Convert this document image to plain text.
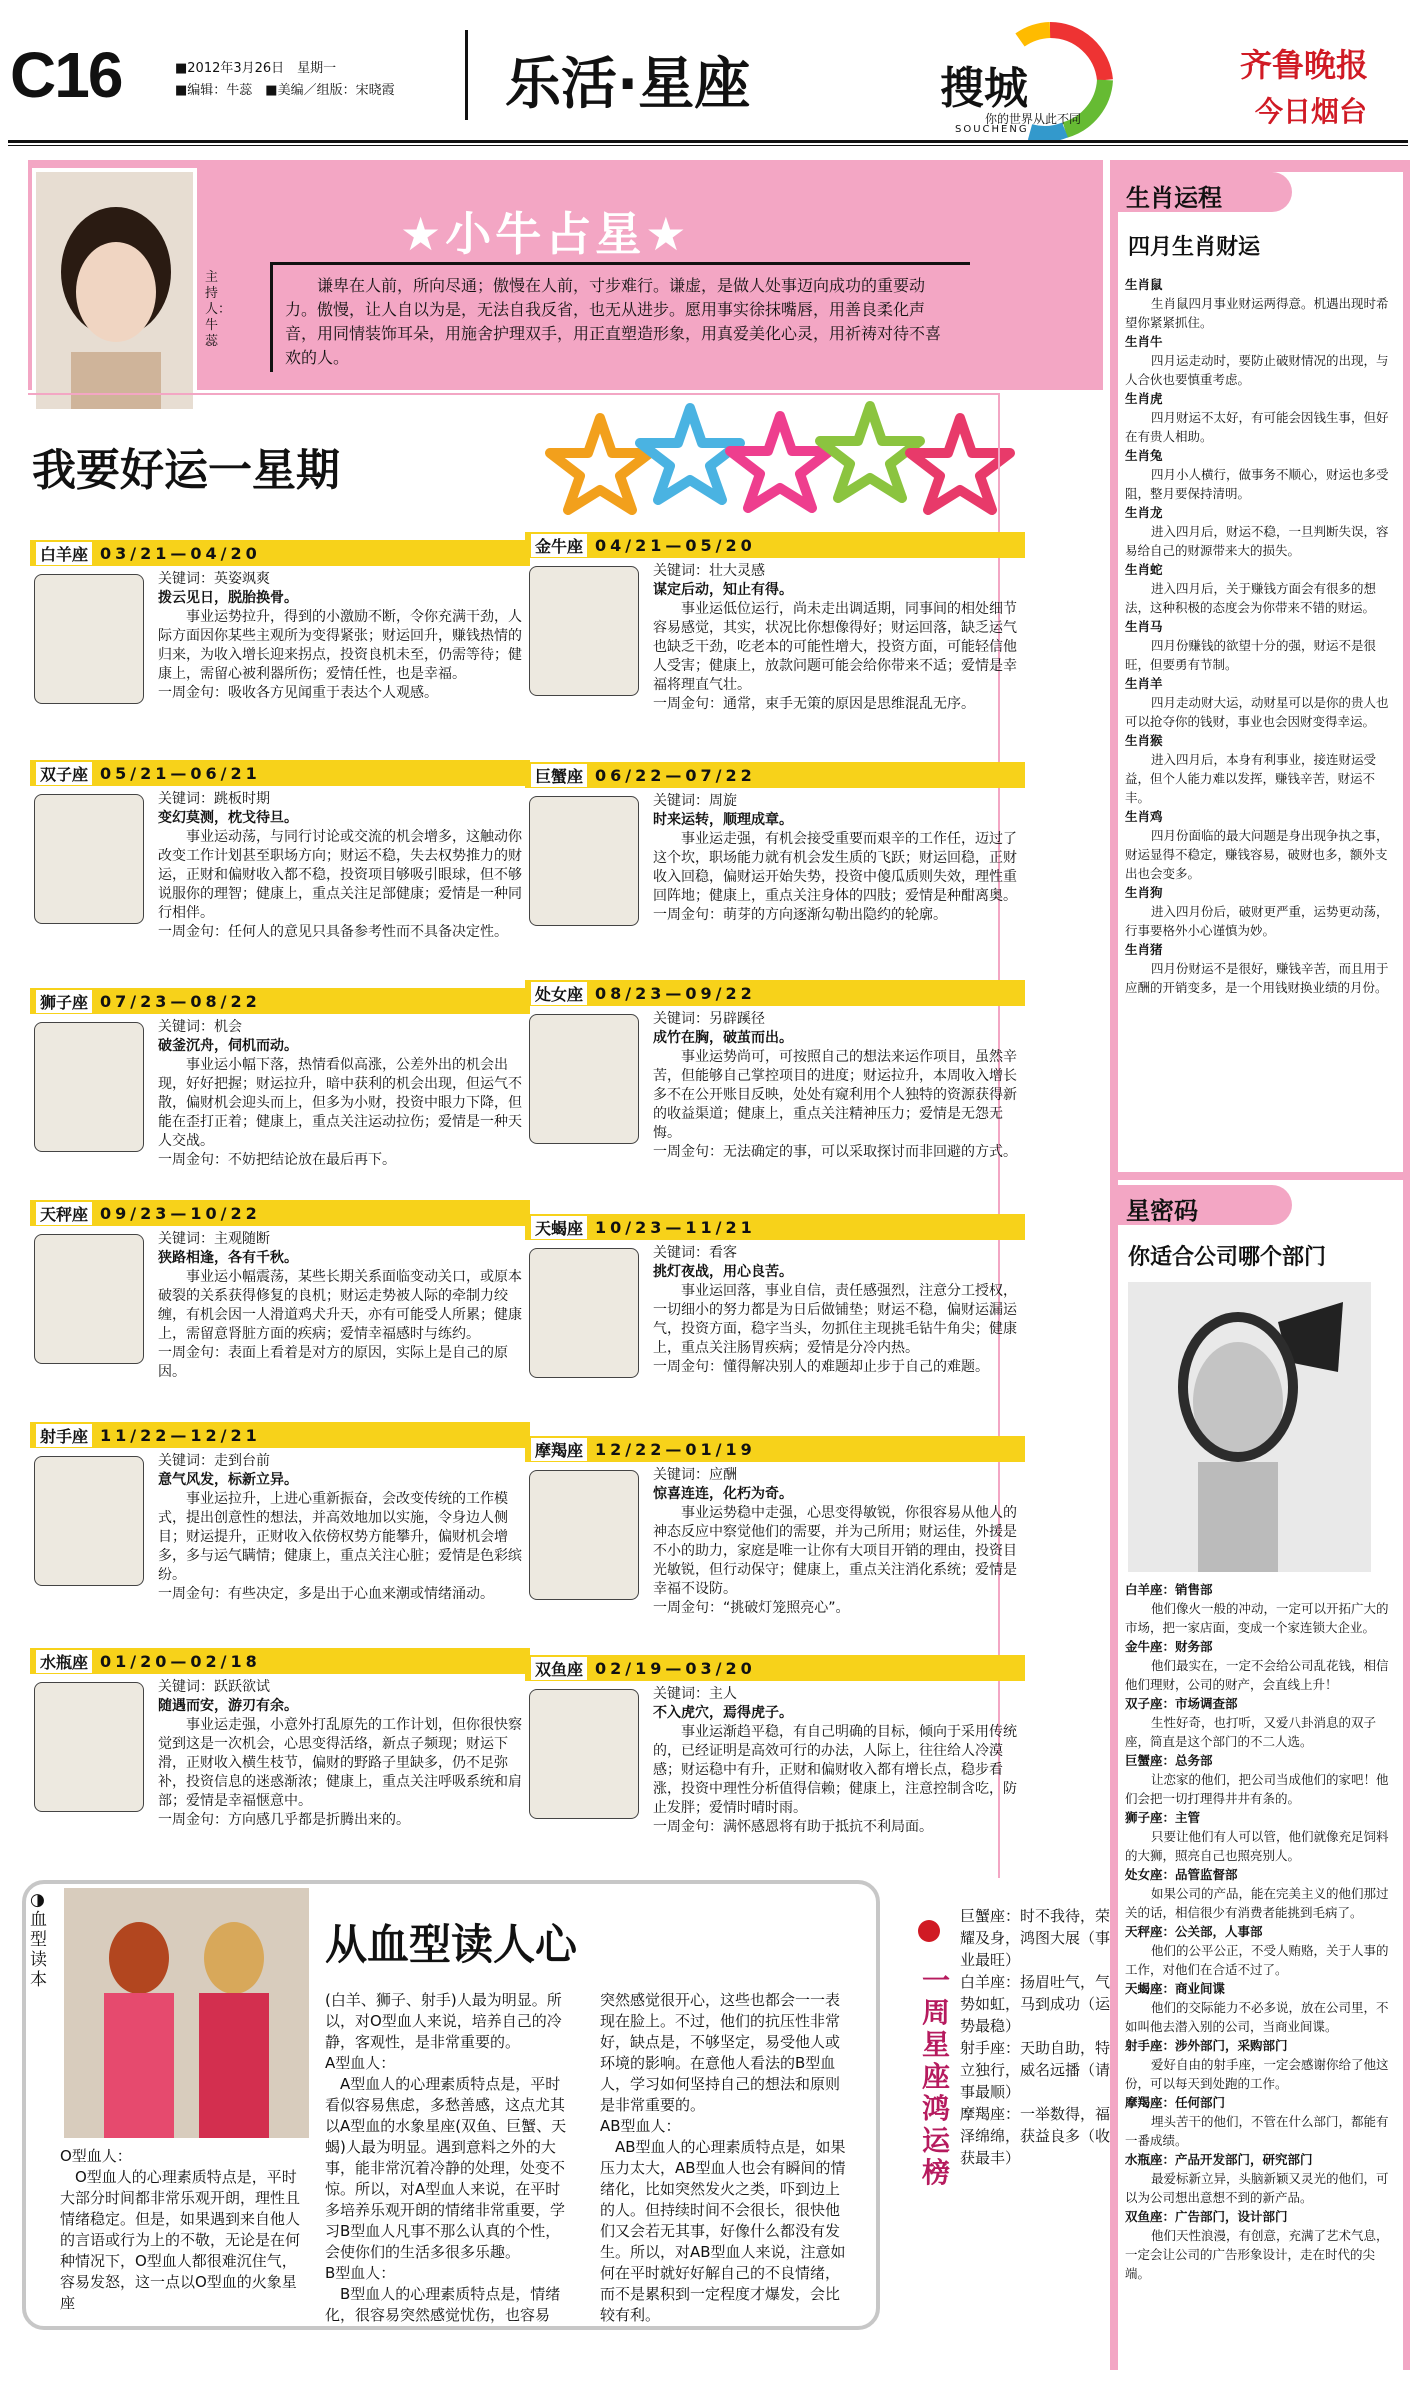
C16	■2012年3月26日　星期一
■编辑：牛蕊　■美编／组版：宋晓霞 乐活·星座	搜城
你的世界从此不同
SOUCHENG
齐鲁晚报
今日烟台
主持人：牛蕊
★小牛占星★
谦卑在人前，所向尽通；傲慢在人前，寸步难行。谦虚，是做人处事迈向成功的重要动力。傲慢，让人自以为是，无法自我反省，也无从进步。愿用事实徐抹嘴唇，用善良柔化声音，用同情装饰耳朵，用施舍护理双手，用正直塑造形象，用真爱美化心灵，用祈祷对待不喜欢的人。
我要好运一星期
白羊座 03/21—04/20

关键词：英姿飒爽

拨云见日，脱胎换骨。

事业运势拉升，得到的小激励不断，令你充满干劲，人际方面因你某些主观所为变得紧张；财运回升，赚钱热情的归来，为收入增长迎来拐点，投资良机未至，仍需等待；健康上，需留心被利器所伤；爱情任性，也是幸福。

一周金句：吸收各方见闻重于表达个人观感。

双子座 05/21—06/21

关键词：跳板时期

变幻莫测，枕戈待旦。

事业运动荡，与同行讨论或交流的机会增多，这触动你改变工作计划甚至职场方向；财运不稳，失去权势推力的财运，正财和偏财收入都不稳，投资项目够吸引眼球，但不够说服你的理智；健康上，重点关注足部健康；爱情是一种同行相伴。

一周金句：任何人的意见只具备参考性而不具备决定性。

狮子座 07/23—08/22

关键词：机会

破釜沉舟，伺机而动。

事业运小幅下落，热情看似高涨，公差外出的机会出现，好好把握；财运拉升，暗中获利的机会出现，但运气不散，偏财机会迎头而上，但多为小财，投资中眼力下降，但能在歪打正着；健康上，重点关注运动拉伤；爱情是一种天人交战。

一周金句：不妨把结论放在最后再下。

天秤座 09/23—10/22

关键词：主观随断

狭路相逢，各有千秋。

事业运小幅震荡，某些长期关系面临变动关口，或原本破裂的关系获得修复的良机；财运走势被人际的牵制力绞缠，有机会因一人滑道鸡犬升天，亦有可能受人所累；健康上，需留意肾脏方面的疾病；爱情幸福感时与练约。

一周金句：表面上看着是对方的原因，实际上是自己的原因。

射手座 11/22—12/21

关键词：走到台前

意气风发，标新立异。

事业运拉升，上进心重新振奋，会改变传统的工作模式，提出创意性的想法，并高效地加以实施，令身边人侧目；财运提升，正财收入依傍权势方能攀升，偏财机会增多，多与运气瞒情；健康上，重点关注心脏；爱情是色彩缤纷。

一周金句：有些决定，多是出于心血来潮或情绪涌动。

水瓶座 01/20—02/18

关键词：跃跃欲试

随遇而安，游刃有余。

事业运走强，小意外打乱原先的工作计划，但你很快察觉到这是一次机会，心思变得活络，新点子频现；财运下滑，正财收入横生枝节，偏财的野路子里缺多，仍不足弥补，投资信息的迷惑渐浓；健康上，重点关注呼吸系统和肩部；爱情是幸福惬意中。

一周金句：方向感几乎都是折腾出来的。

金牛座 04/21—05/20

关键词：壮大灵感

谋定后动，知止有得。

事业运低位运行，尚未走出调适期，同事间的相处细节容易感觉，其实，状况比你想像得好；财运回落，缺乏运气也缺乏干劲，吃老本的可能性增大，投资方面，可能轻信他人受害；健康上，放款问题可能会给你带来不适；爱情是幸福将理直气壮。

一周金句：通常，束手无策的原因是思维混乱无序。

巨蟹座 06/22—07/22

关键词：周旋

时来运转，顺理成章。

事业运走强，有机会接受重要而艰辛的工作任，迈过了这个坎，职场能力就有机会发生质的飞跃；财运回稳，正财收入回稳，偏财运开始失势，投资中傻瓜质则失效，理性重回阵地；健康上，重点关注身体的四肢；爱情是种酣离奥。

一周金句：萌芽的方向逐渐勾勒出隐约的轮廓。

处女座 08/23—09/22

关键词：另辟蹊径

成竹在胸，破茧而出。

事业运势尚可，可按照自己的想法来运作项目，虽然辛苦，但能够自己掌控项目的进度；财运拉升，本周收入增长多不在公开账目反映，处处有窥利用个人独特的资源获得新的收益渠道；健康上，重点关注精神压力；爱情是无怨无悔。

一周金句：无法确定的事，可以采取探讨而非回避的方式。

天蝎座 10/23—11/21

关键词：看客

挑灯夜战，用心良苦。

事业运回落，事业自信，责任感强烈，注意分工授权，一切细小的努力都是为日后做铺垫；财运不稳，偏财运漏运气，投资方面，稳字当头，勿抓住主现挑毛钻牛角尖；健康上，重点关注肠胃疾病；爱情是分冷内热。

一周金句：懂得解决别人的难题却止步于自己的难题。

摩羯座 12/22—01/19

关键词：应酬

惊喜连连，化朽为奇。

事业运势稳中走强，心思变得敏锐，你很容易从他人的神态反应中察觉他们的需要，并为己所用；财运佳，外援是不小的助力，家庭是唯一让你有大项目开销的理由，投资目光敏锐，但行动保守；健康上，重点关注消化系统；爱情是幸福不设防。

一周金句：“挑破灯笼照亮心”。

双鱼座 02/19—03/20

关键词：主人

不入虎穴，焉得虎子。

事业运渐趋平稳，有自己明确的目标，倾向于采用传统的，已经证明是高效可行的办法，人际上，往往给人冷漠感；财运稳中有升，正财和偏财收入都有增长点，稳步看涨，投资中理性分析值得信赖；健康上，注意控制含吃，防止发胖；爱情时晴时雨。

一周金句：满怀感恩将有助于抵抗不利局面。

◑血型读本
从血型读人心
O型血人：
　O型血人的心理素质特点是，平时大部分时间都非常乐观开朗，理性且情绪稳定。但是，如果遇到来自他人的言语或行为上的不敬，无论是在何种情况下，O型血人都很难沉住气，容易发怒，这一点以O型血的火象星座
(白羊、狮子、射手)人最为明显。所以，对O型血人来说，培养自己的冷静，客观性，是非常重要的。
A型血人：
　A型血人的心理素质特点是，平时看似容易焦虑，多愁善感，这点尤其以A型血的水象星座(双鱼、巨蟹、天蝎)人最为明显。遇到意料之外的大事，能非常沉着冷静的处理，处变不惊。所以，对A型血人来说，在平时多培养乐观开朗的情绪非常重要，学习B型血人凡事不那么认真的个性，会使你们的生活多很多乐趣。
B型血人：
　B型血人的心理素质特点是，情绪化，很容易突然感觉忧伤，也容易
突然感觉很开心，这些也都会一一表现在脸上。不过，他们的抗压性非常好，缺点是，不够坚定，易受他人或环境的影响。在意他人看法的B型血人，学习如何坚持自己的想法和原则是非常重要的。
AB型血人：
　AB型血人的心理素质特点是，如果压力太大，AB型血人也会有瞬间的情绪化，比如突然发火之类，吓到边上的人。但持续时间不会很长，很快他们又会若无其事，好像什么都没有发生。所以，对AB型血人来说，注意如何在平时就好好解自己的不良情绪，而不是累积到一定程度才爆发，会比较有利。
一周星座鸿运榜
巨蟹座：时不我待，荣耀及身，鸿图大展（事业最旺）
白羊座：扬眉吐气，气势如虹，马到成功（运势最稳）
射手座：天助自助，特立独行，威名远播（请事最顺）
摩羯座：一举数得，福泽绵绵，获益良多（收获最丰）
生肖运程
四月生肖财运
生肖鼠
生肖鼠四月事业财运两得意。机遇出现时希望你紧紧抓住。
生肖牛
四月运走动时，要防止破财情况的出现，与人合伙也要慎重考虑。
生肖虎
四月财运不太好，有可能会因钱生事，但好在有贵人相助。
生肖兔
四月小人横行，做事务不顺心，财运也多受阻，整月要保持清明。
生肖龙
进入四月后，财运不稳，一旦判断失误，容易给自己的财源带来大的损失。
生肖蛇
进入四月后，关于赚钱方面会有很多的想法，这种积极的态度会为你带来不错的财运。
生肖马
四月份赚钱的欲望十分的强，财运不是很旺，但要勇有节制。
生肖羊
四月走动财大运，动财星可以是你的贵人也可以抢夺你的钱财，事业也会因财变得幸运。
生肖猴
进入四月后，本身有利事业，接连财运受益，但个人能力难以发挥，赚钱辛苦，财运不丰。
生肖鸡
四月份面临的最大问题是身出现争执之事，财运显得不稳定，赚钱容易，破财也多，额外支出也会变多。
生肖狗
进入四月份后，破财更严重，运势更动荡，行事要格外小心谨慎为妙。
生肖猪
四月份财运不是很好，赚钱辛苦，而且用于应酬的开销变多，是一个用钱财换业绩的月份。
星密码
你适合公司哪个部门
白羊座：销售部
他们像火一般的冲动，一定可以开拓广大的市场，把一家店面，变成一个家连锁大企业。
金牛座：财务部
他们最实在，一定不会给公司乱花钱，相信他们理财，公司的财产，会直线上升！
双子座：市场调查部
生性好奇，也打听，又爱八卦消息的双子座，简直是这个部门的不二人选。
巨蟹座：总务部
让恋家的他们，把公司当成他们的家吧！他们会把一切打理得井井有条的。
狮子座：主管
只要让他们有人可以管，他们就像充足饲料的大狮，照亮自己也照亮别人。
处女座：品管监督部
如果公司的产品，能在完美主义的他们那过关的话，相信很少有消费者能挑到毛病了。
天秤座：公关部，人事部
他们的公平公正，不受人贿赂，关于人事的工作，对他们在合适不过了。
天蝎座：商业间谍
他们的交际能力不必多说，放在公司里，不如叫他去潜入别的公司，当商业间谍。
射手座：涉外部门，采购部门
爱好自由的射手座，一定会感谢你给了他这份，可以每天到处跑的工作。
摩羯座：任何部门
埋头苦干的他们，不管在什么部门，都能有一番成绩。
水瓶座：产品开发部门，研究部门
最爱标新立异，头脑新颖又灵光的他们，可以为公司想出意想不到的新产品。
双鱼座：广告部门，设计部门
他们天性浪漫，有创意，充满了艺术气息，一定会让公司的广告形象设计，走在时代的尖端。
